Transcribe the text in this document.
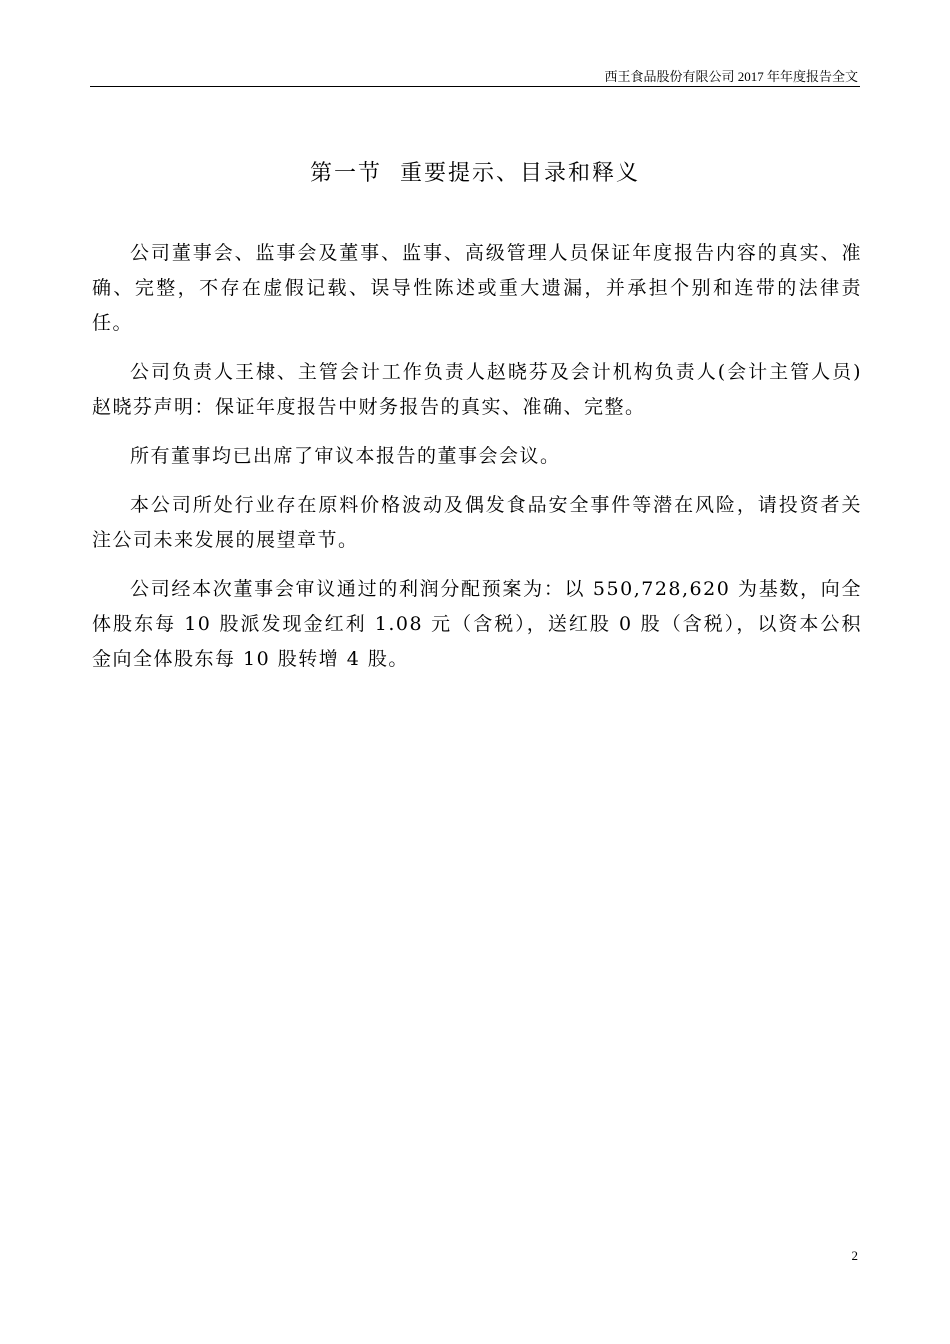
西王食品股份有限公司 2017 年年度报告全文
第一节  重要提示、目录和释义

公司董事会、监事会及董事、监事、高级管理人员保证年度报告内容的真实、准确、完整，不存在虚假记载、误导性陈述或重大遗漏，并承担个别和连带的法律责任。

公司负责人王棣、主管会计工作负责人赵晓芬及会计机构负责人(会计主管人员)赵晓芬声明：保证年度报告中财务报告的真实、准确、完整。

所有董事均已出席了审议本报告的董事会会议。

本公司所处行业存在原料价格波动及偶发食品安全事件等潜在风险，请投资者关注公司未来发展的展望章节。

公司经本次董事会审议通过的利润分配预案为：以 550,728,620 为基数，向全体股东每 10 股派发现金红利 1.08 元（含税），送红股 0 股（含税），以资本公积金向全体股东每 10 股转增 4 股。

2
